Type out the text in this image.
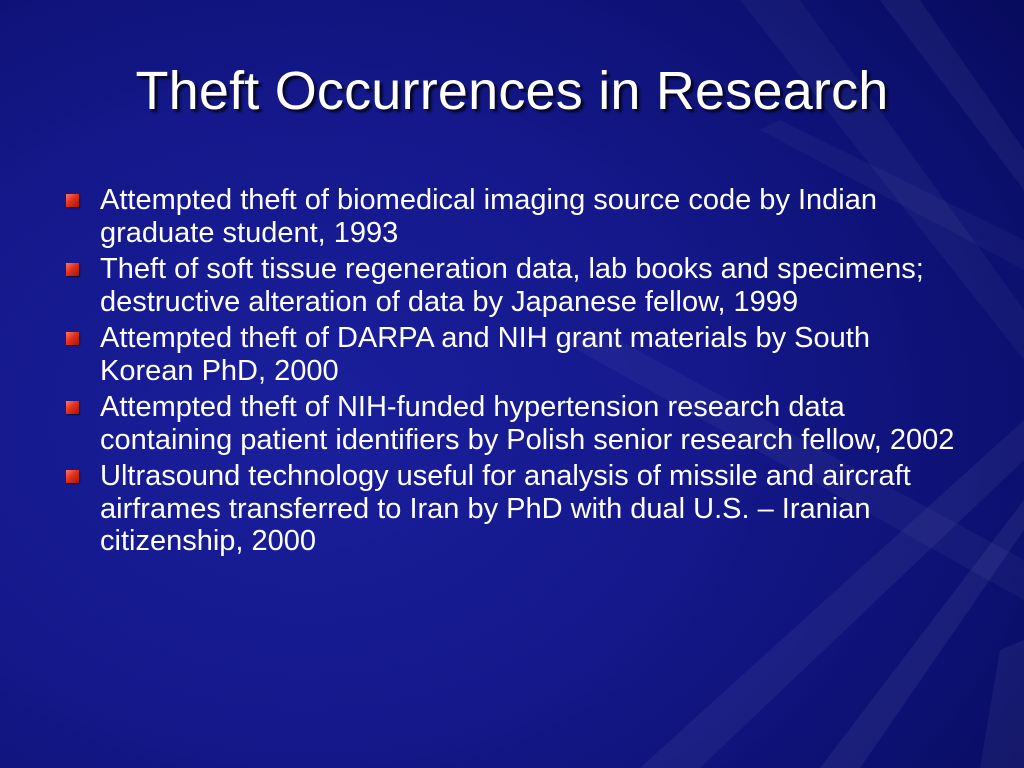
Theft Occurrences in Research
Attempted theft of biomedical imaging source code by Indian graduate student, 1993
Theft of soft tissue regeneration data, lab books and specimens; destructive alteration of data by Japanese fellow, 1999
Attempted theft of DARPA and NIH grant materials by South Korean PhD, 2000
Attempted theft of NIH-funded hypertension research data containing patient identifiers by Polish senior research fellow, 2002
Ultrasound technology useful for analysis of missile and aircraft airframes transferred to Iran by PhD with dual U.S. – Iranian citizenship, 2000
